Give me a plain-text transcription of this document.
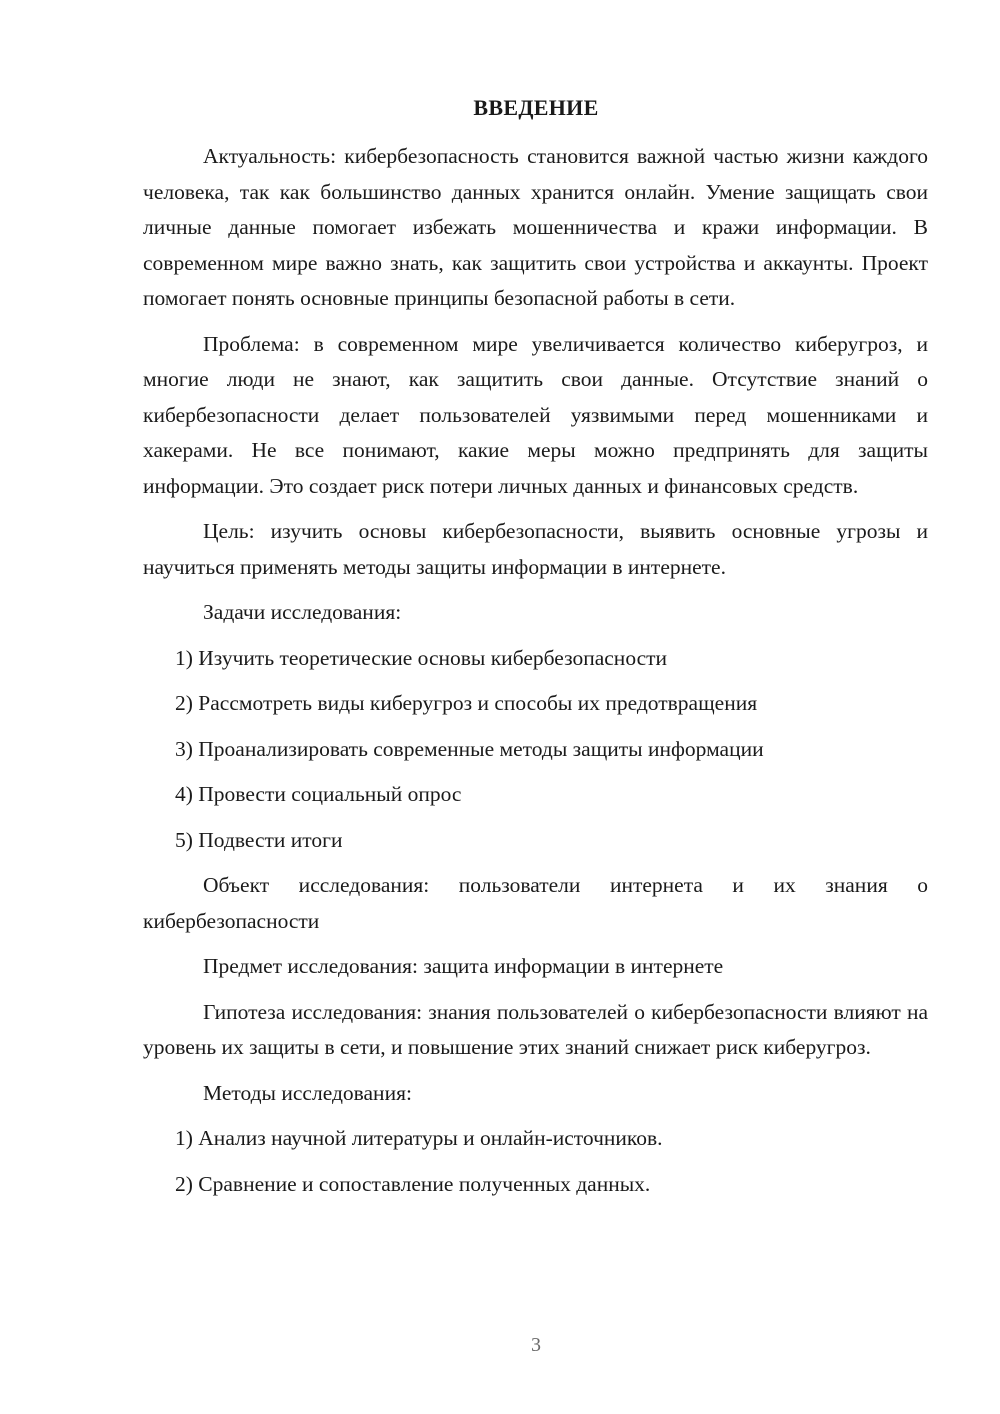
ВВЕДЕНИЕ

Актуальность: кибербезопасность становится важной частью жизни каждого человека, так как большинство данных хранится онлайн. Умение защищать свои личные данные помогает избежать мошенничества и кражи информации. В современном мире важно знать, как защитить свои устройства и аккаунты. Проект помогает понять основные принципы безопасной работы в сети.

Проблема: в современном мире увеличивается количество киберугроз, и многие люди не знают, как защитить свои данные. Отсутствие знаний о кибербезопасности делает пользователей уязвимыми перед мошенниками и хакерами. Не все понимают, какие меры можно предпринять для защиты информации. Это создает риск потери личных данных и финансовых средств.

Цель: изучить основы кибербезопасности, выявить основные угрозы и научиться применять методы защиты информации в интернете.

Задачи исследования:

1) Изучить теоретические основы кибербезопасности

2) Рассмотреть виды киберугроз и способы их предотвращения

3) Проанализировать современные методы защиты информации

4) Провести социальный опрос

5) Подвести итоги

Объект исследования: пользователи интернета и их знания о кибербезопасности

Предмет исследования: защита информации в интернете

Гипотеза исследования: знания пользователей о кибербезопасности влияют на уровень их защиты в сети, и повышение этих знаний снижает риск киберугроз.

Методы исследования:

1) Анализ научной литературы и онлайн-источников.

2) Сравнение и сопоставление полученных данных.

3
